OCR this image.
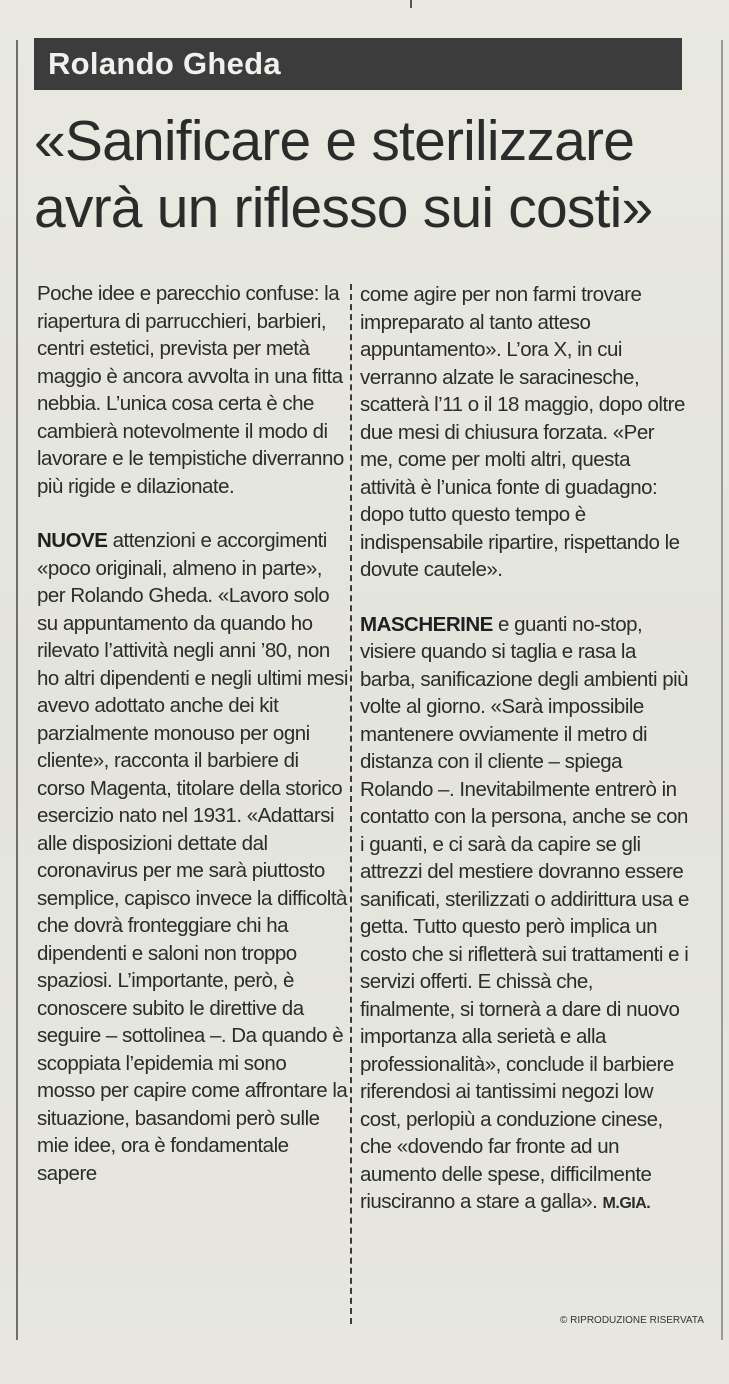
Rolando Gheda
«Sanificare e sterilizzare
avrà un riflesso sui costi»

Poche idee e parecchio confuse: la riapertura di parrucchieri, barbieri, centri estetici, prevista per metà maggio è ancora avvolta in una fitta nebbia. L’unica cosa certa è che cambierà notevolmente il modo di lavorare e le tempistiche diverranno più rigide e dilazionate.

NUOVE attenzioni e accorgimenti «poco originali, almeno in parte», per Rolando Gheda. «Lavoro solo su appuntamento da quando ho rilevato l’attività negli anni ’80, non ho altri dipendenti e negli ultimi mesi avevo adottato anche dei kit parzialmente monouso per ogni cliente», racconta il barbiere di corso Magenta, titolare della storico esercizio nato nel 1931. «Adattarsi alle disposizioni dettate dal coronavirus per me sarà piuttosto semplice, capisco invece la difficoltà che dovrà fronteggiare chi ha dipendenti e saloni non troppo spaziosi. L’importante, però, è conoscere subito le direttive da seguire – sottolinea –. Da quando è scoppiata l’epidemia mi sono mosso per capire come affrontare la situazione, basandomi però sulle mie idee, ora è fondamentale sapere

come agire per non farmi trovare impreparato al tanto atteso appuntamento». L’ora X, in cui verranno alzate le saracinesche, scatterà l’11 o il 18 maggio, dopo oltre due mesi di chiusura forzata. «Per me, come per molti altri, questa attività è l’unica fonte di guadagno: dopo tutto questo tempo è indispensabile ripartire, rispettando le dovute cautele».

MASCHERINE e guanti no-stop, visiere quando si taglia e rasa la barba, sanificazione degli ambienti più volte al giorno. «Sarà impossibile mantenere ovviamente il metro di distanza con il cliente – spiega Rolando –. Inevitabilmente entrerò in contatto con la persona, anche se con i guanti, e ci sarà da capire se gli attrezzi del mestiere dovranno essere sanificati, sterilizzati o addirittura usa e getta. Tutto questo però implica un costo che si rifletterà sui trattamenti e i servizi offerti. E chissà che, finalmente, si tornerà a dare di nuovo importanza alla serietà e alla professionalità», conclude il barbiere riferendosi ai tantissimi negozi low cost, perlopiù a conduzione cinese, che «dovendo far fronte ad un aumento delle spese, difficilmente riusciranno a stare a galla». M.GIA.

© RIPRODUZIONE RISERVATA
